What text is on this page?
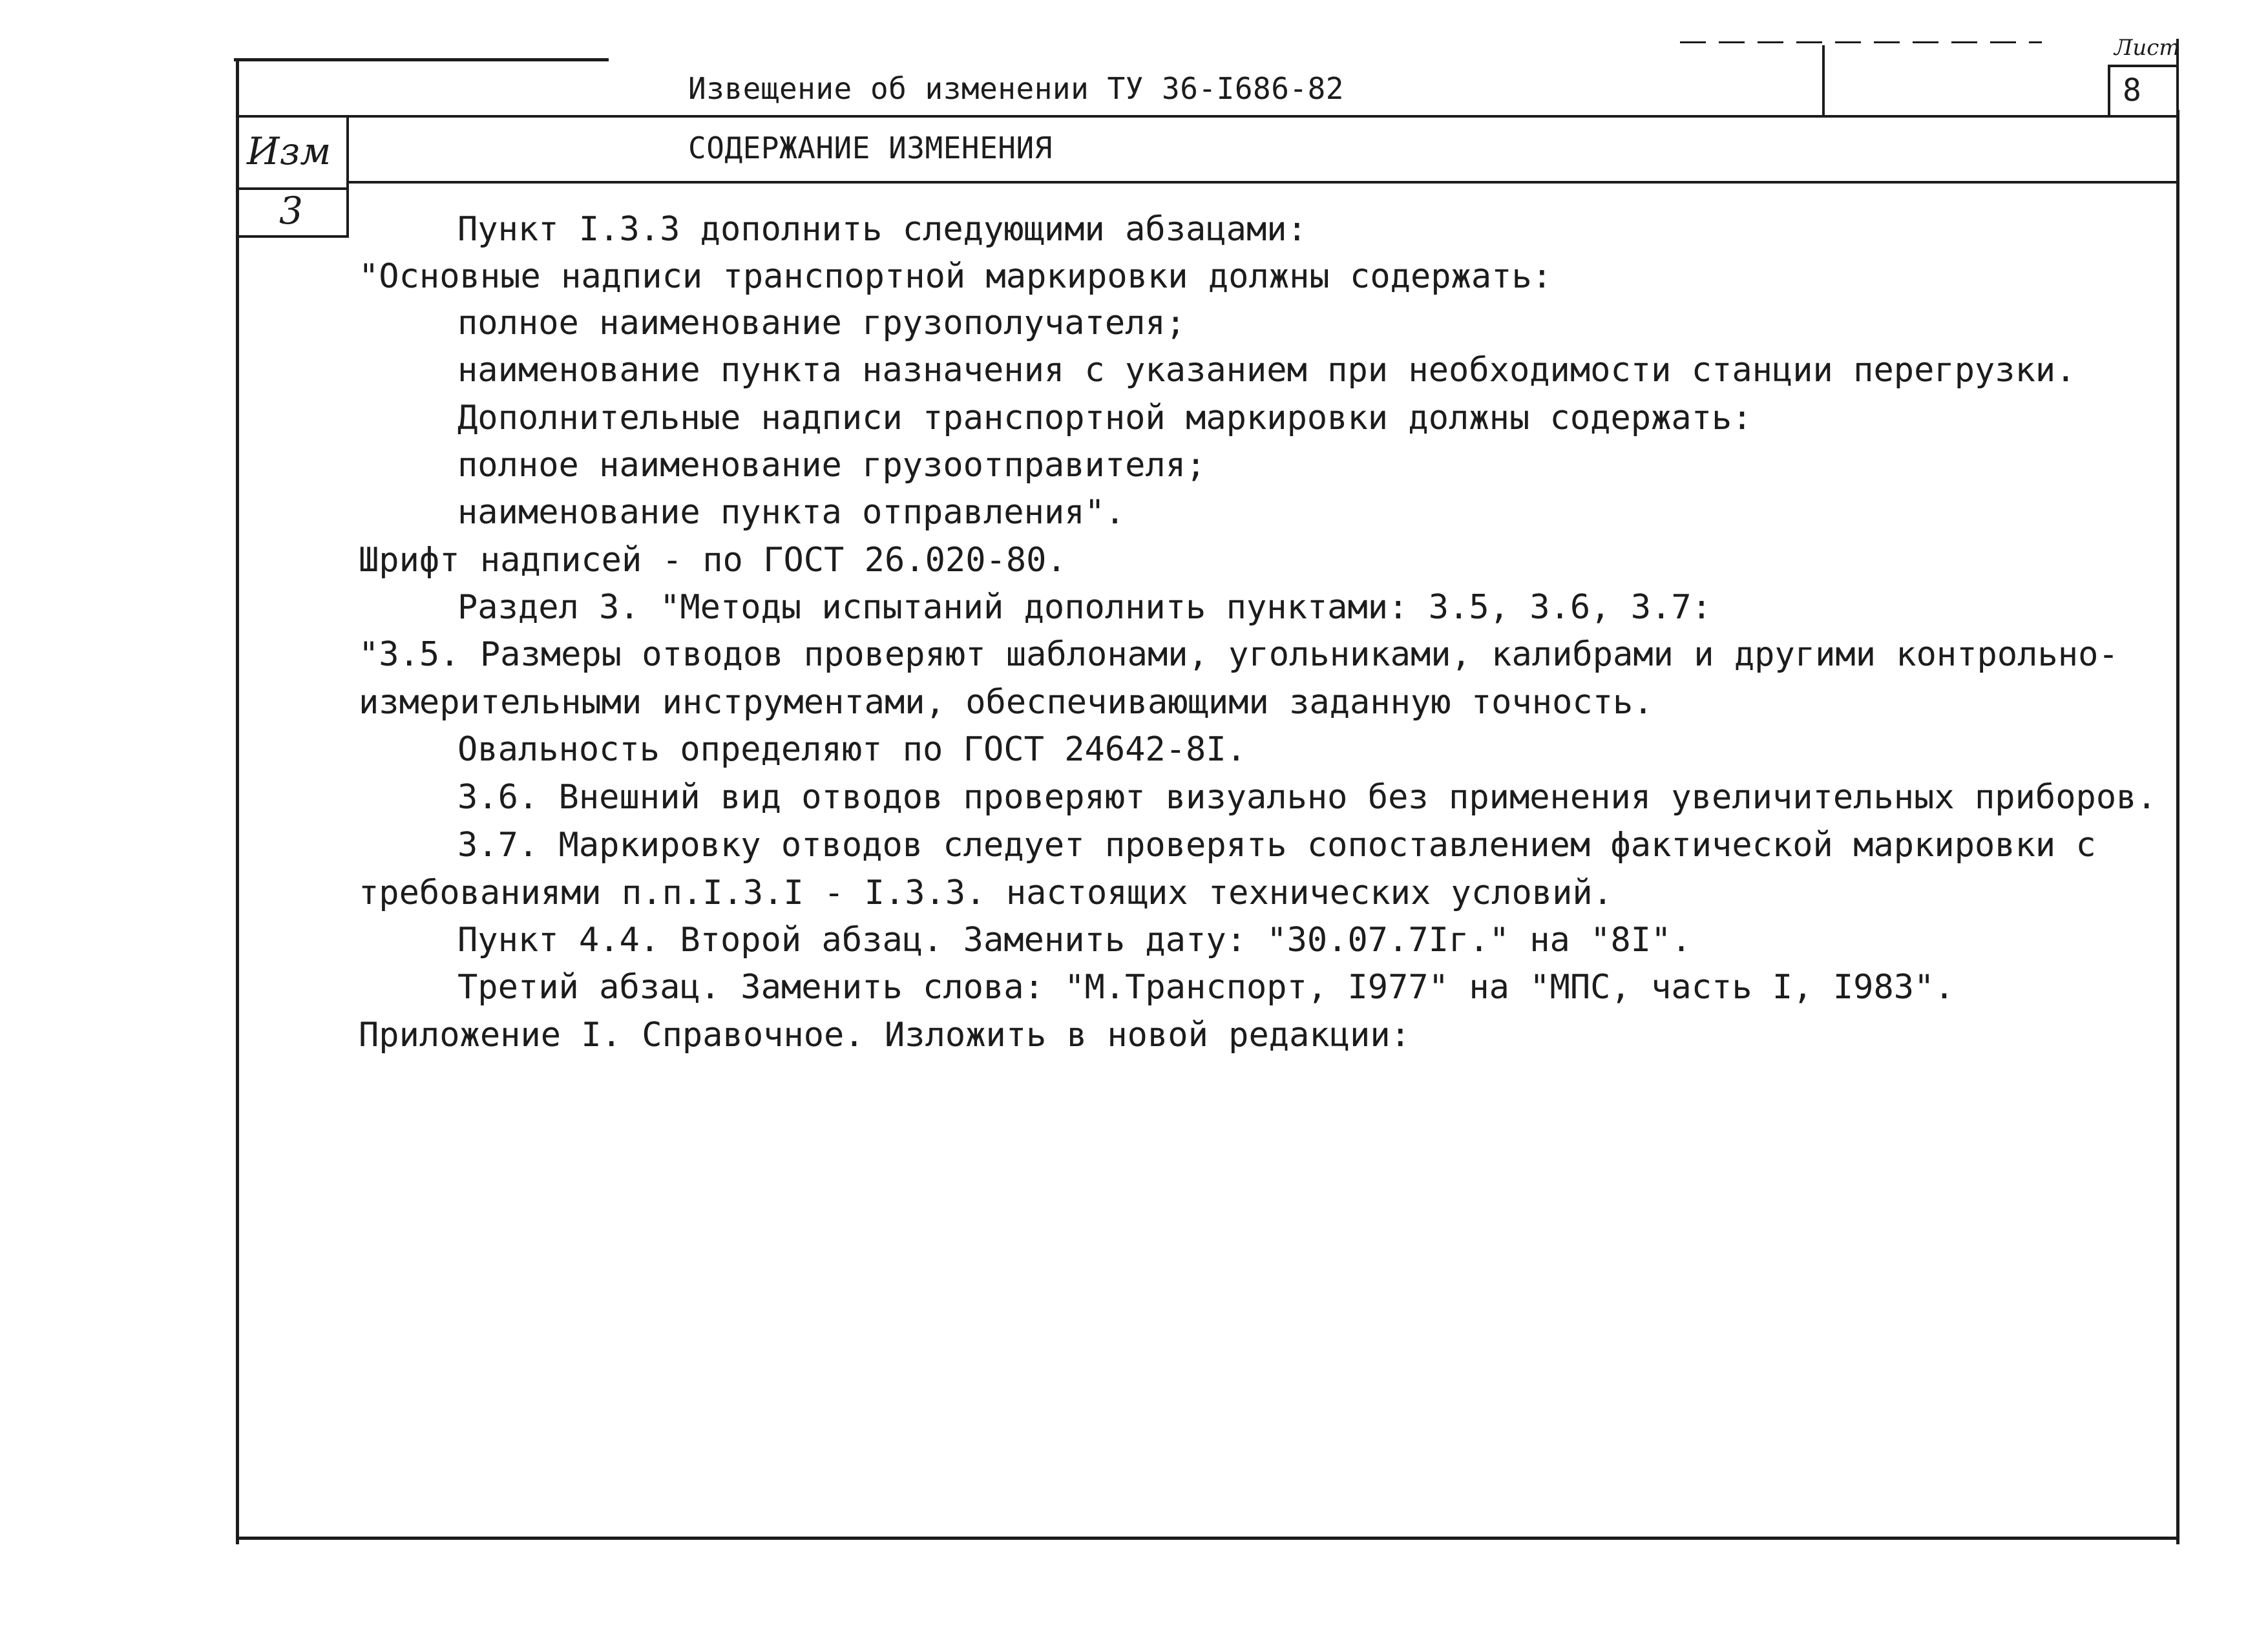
Извещение об изменении ТУ 36-I686-82
Лист
8
Изм
3
СОДЕРЖАНИЕ ИЗМЕНЕНИЯ
Пункт I.3.3 дополнить следующими абзацами:
"Основные надписи транспортной маркировки должны содержать:
полное наименование грузополучателя;
наименование пункта назначения с указанием при необходимости станции перегрузки.
Дополнительные надписи транспортной маркировки должны содержать:
полное наименование грузоотправителя;
наименование пункта отправления".
Шрифт надписей - по ГОСТ 26.020-80.
Раздел 3. "Методы испытаний дополнить пунктами: 3.5, 3.6, 3.7:
"3.5. Размеры отводов проверяют шаблонами, угольниками, калибрами и другими контрольно-
измерительными инструментами, обеспечивающими заданную точность.
Овальность определяют по ГОСТ 24642-8I.
3.6. Внешний вид отводов проверяют визуально без применения увеличительных приборов.
3.7. Маркировку отводов следует проверять сопоставлением фактической маркировки с
требованиями п.п.I.3.I - I.3.3. настоящих технических условий.
Пункт 4.4. Второй абзац. Заменить дату: "30.07.7Iг." на "8I".
Третий абзац. Заменить слова: "М.Транспорт, I977" на "МПС, часть I, I983".
Приложение I. Справочное. Изложить в новой редакции:
